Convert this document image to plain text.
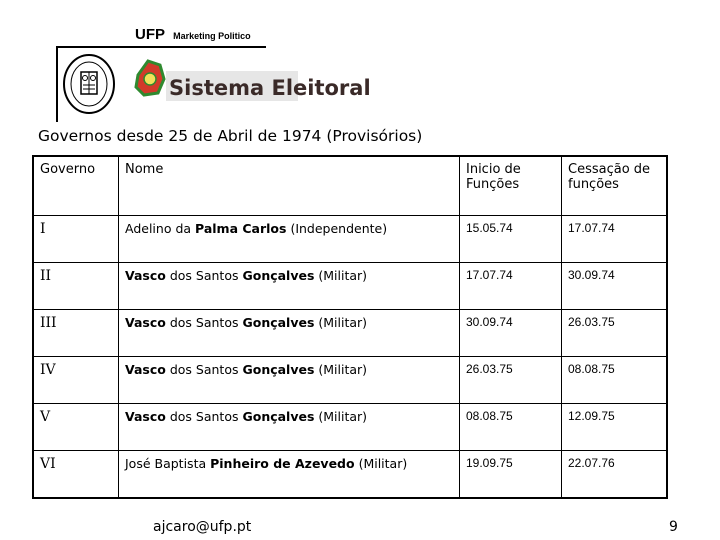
UFP Marketing Politico
Sistema Eleitoral
Governos desde 25 de Abril de 1974 (Provisórios)
Governo	Nome	Inicio de Funções	Cessação de funções
I	Adelino da Palma Carlos (Independente)	15.05.74	17.07.74
II	Vasco dos Santos Gonçalves (Militar)	17.07.74	30.09.74
III	Vasco dos Santos Gonçalves (Militar)	30.09.74	26.03.75
IV	Vasco dos Santos Gonçalves (Militar)	26.03.75	08.08.75
V	Vasco dos Santos Gonçalves (Militar)	08.08.75	12.09.75
VI	José Baptista Pinheiro de Azevedo (Militar)	19.09.75	22.07.76
ajcaro@ufp.pt	9
